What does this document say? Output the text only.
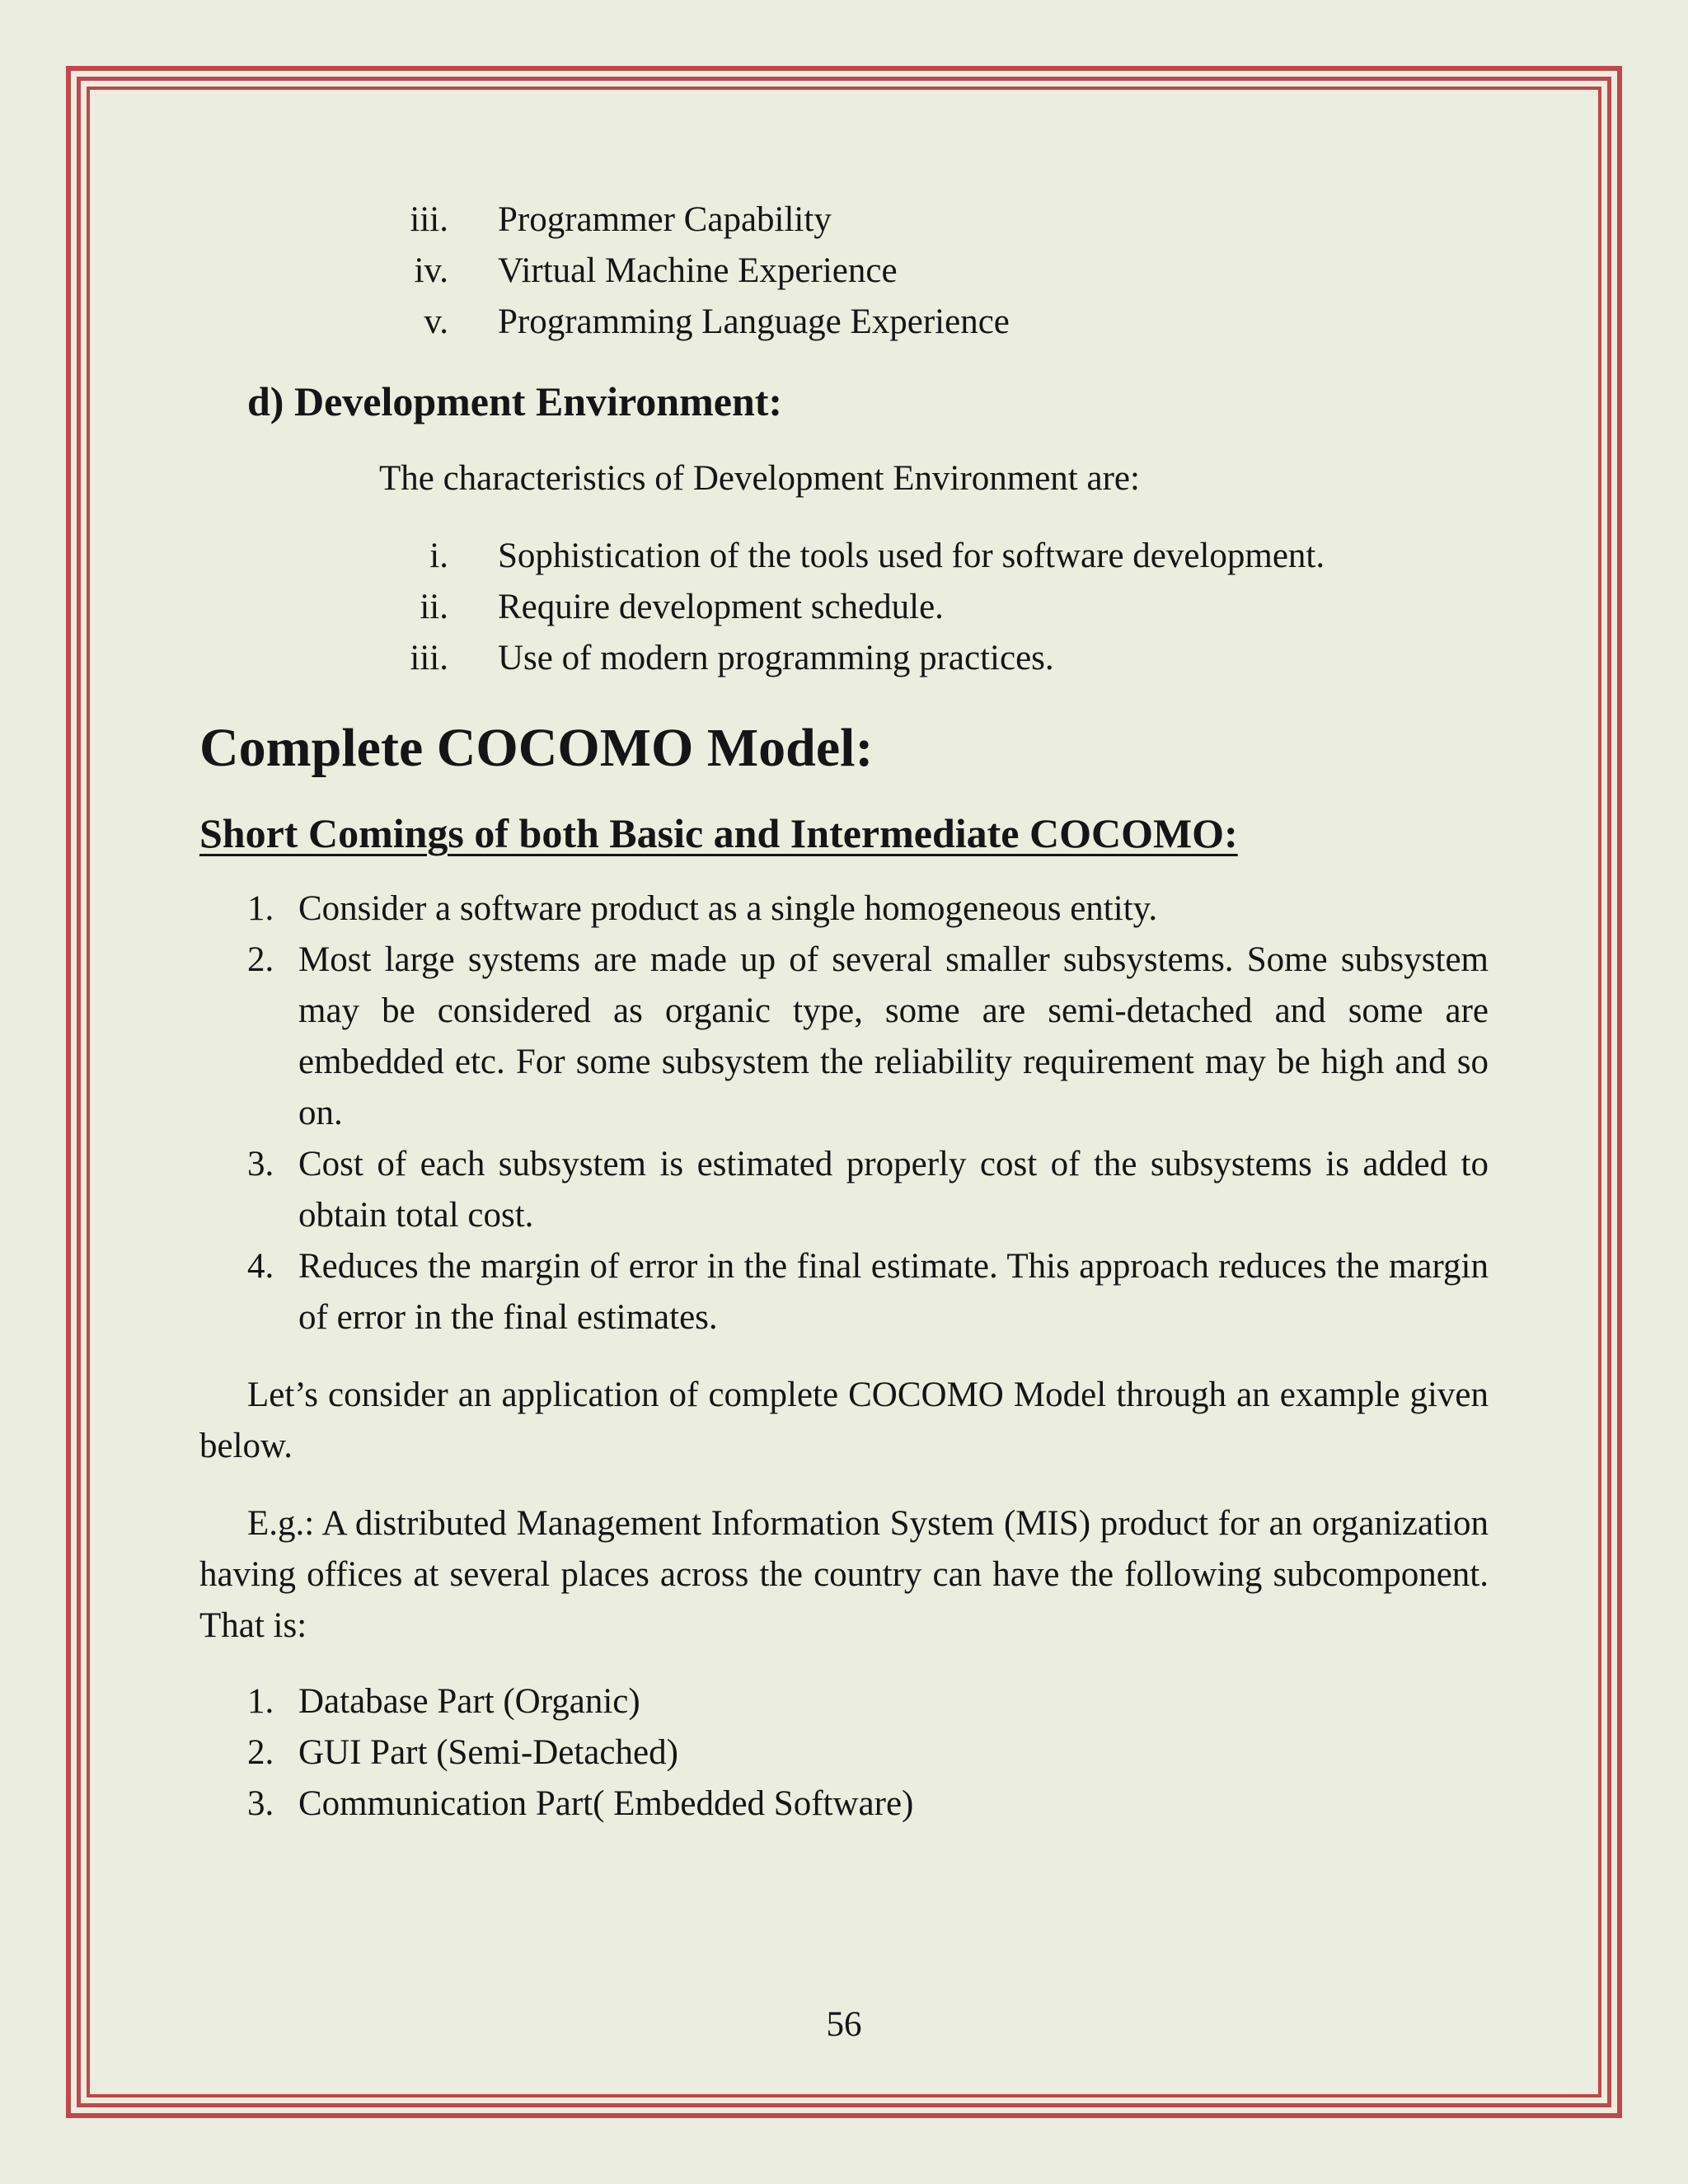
iii. Programmer Capability
iv. Virtual Machine Experience
v. Programming Language Experience
d) Development Environment:
The characteristics of Development Environment are:
i. Sophistication of the tools used for software development.
ii. Require development schedule.
iii. Use of modern programming practices.
Complete COCOMO Model:
Short Comings of both Basic and Intermediate COCOMO:
1. Consider a software product as a single homogeneous entity.
2. Most large systems are made up of several smaller subsystems. Some subsystem may be considered as organic type, some are semi-detached and some are embedded etc. For some subsystem the reliability requirement may be high and so on.
3. Cost of each subsystem is estimated properly cost of the subsystems is added to obtain total cost.
4. Reduces the margin of error in the final estimate. This approach reduces the margin of error in the final estimates.

Let’s consider an application of complete COCOMO Model through an example given below.

E.g.: A distributed Management Information System (MIS) product for an organization having offices at several places across the country can have the following subcomponent. That is:

1. Database Part (Organic)
2. GUI Part (Semi-Detached)
3. Communication Part( Embedded Software)
56
